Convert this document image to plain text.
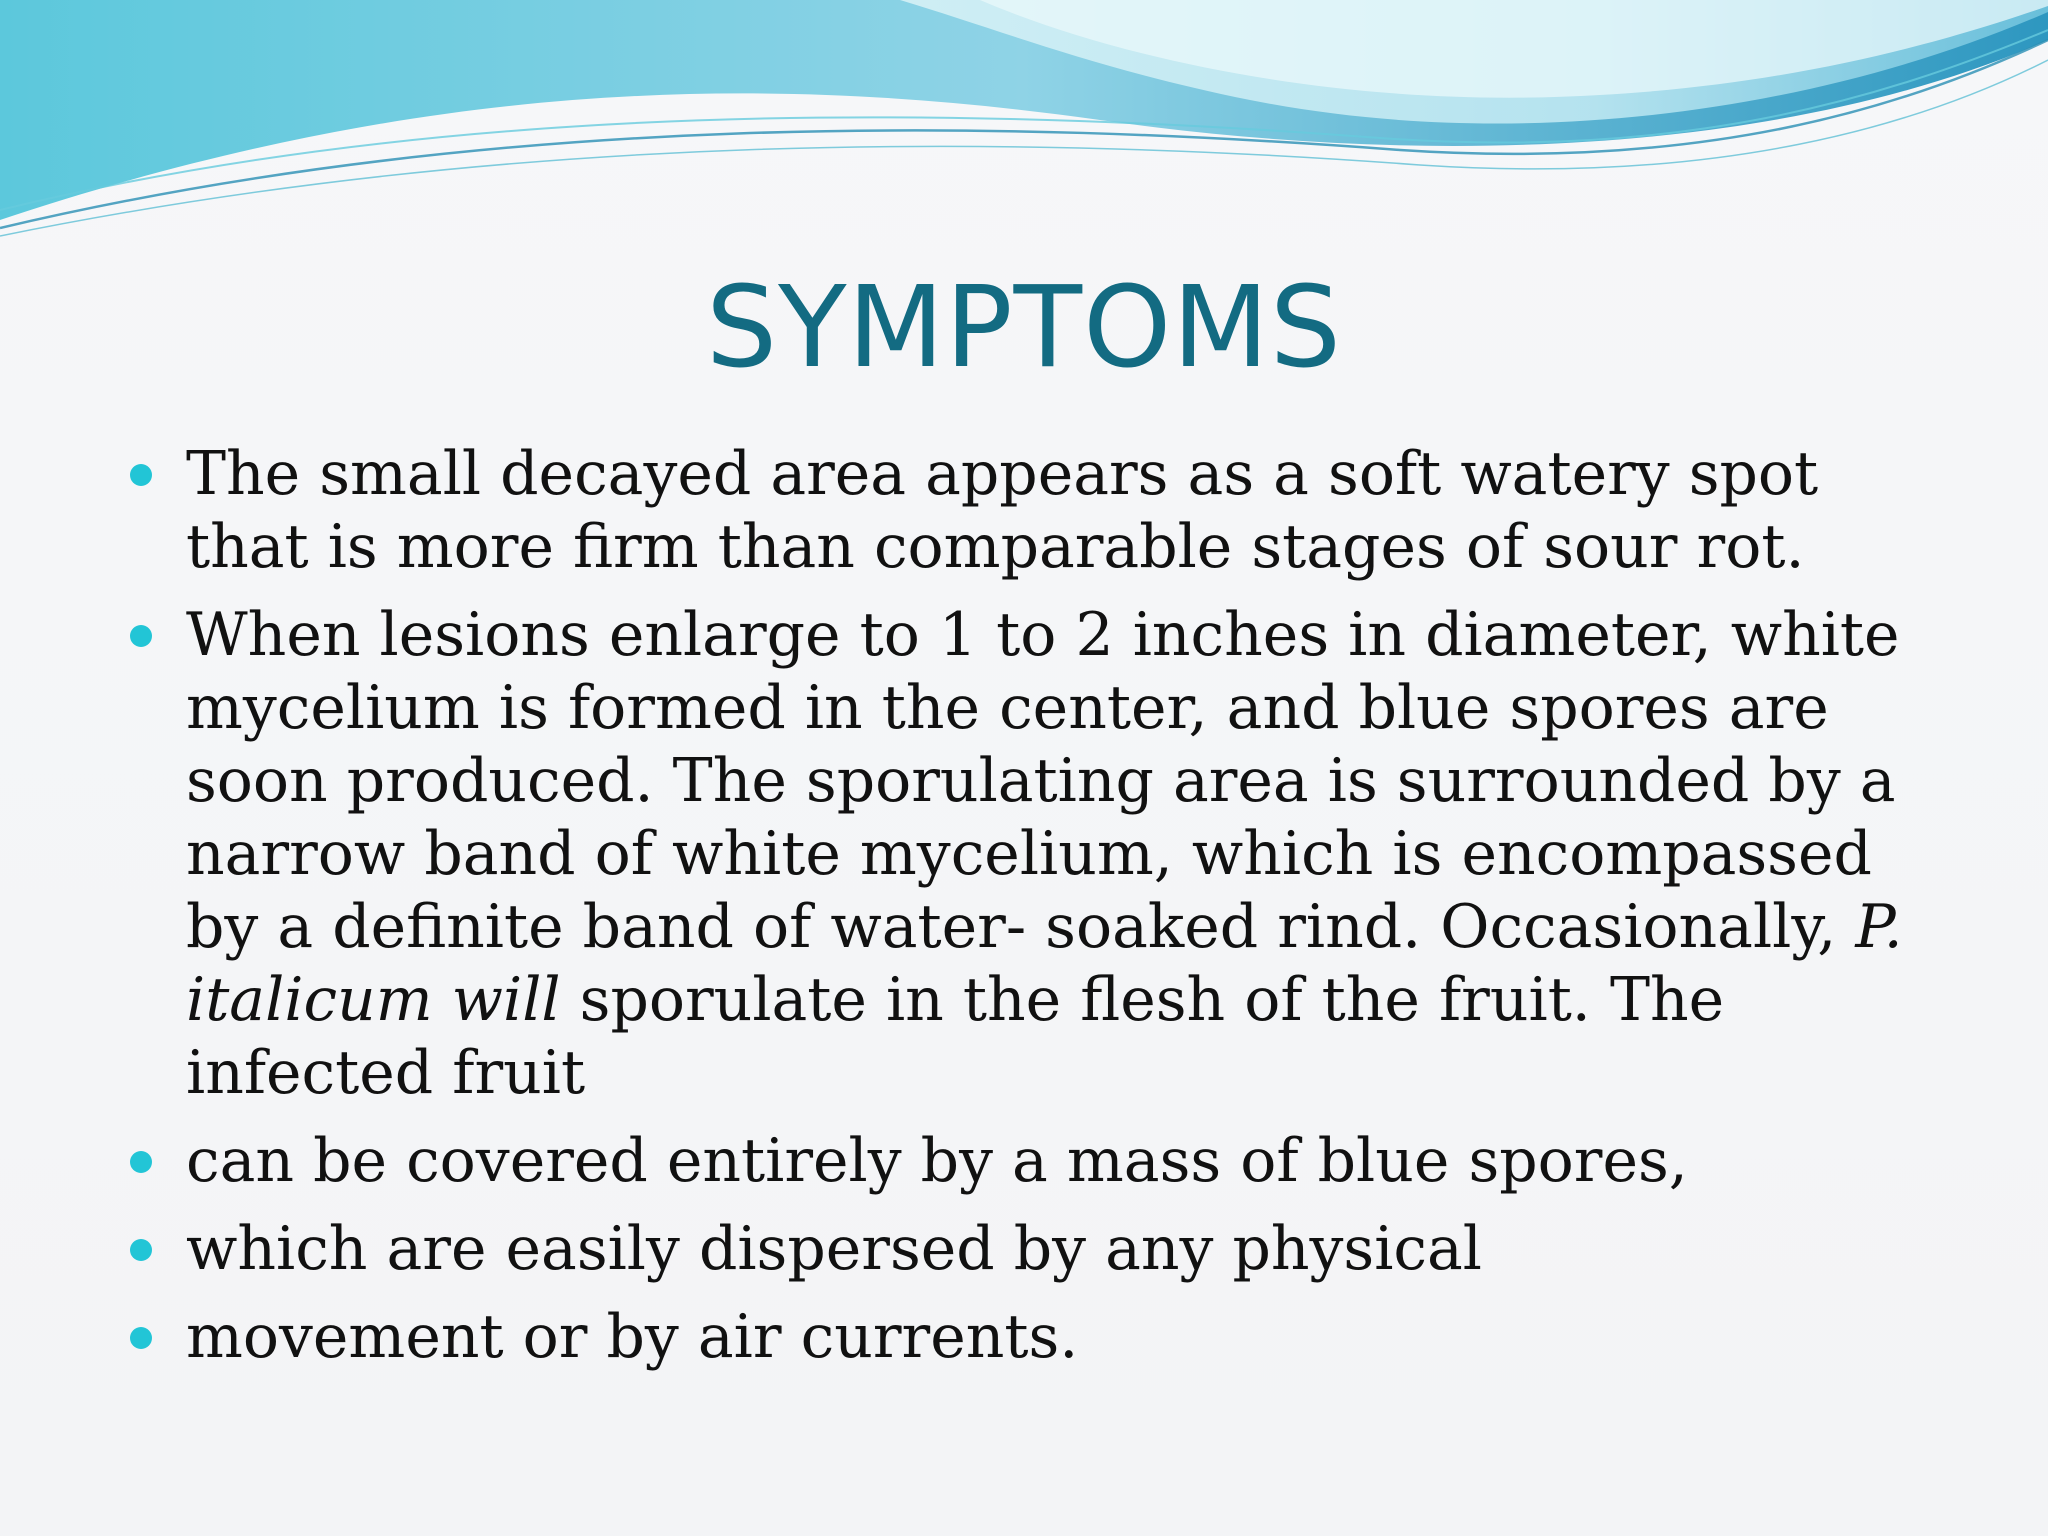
SYMPTOMS
The small decayed area appears as a soft watery spot that is more firm than comparable stages of sour rot.
When lesions enlarge to 1 to 2 inches in diameter, white mycelium is formed in the center, and blue spores are soon produced. The sporulating area is surrounded by a narrow band of white mycelium, which is encompassed by a definite band of water- soaked rind. Occasionally, P. italicum will sporulate in the flesh of the fruit. The infected fruit
can be covered entirely by a mass of blue spores,
which are easily dispersed by any physical
movement or by air currents.
